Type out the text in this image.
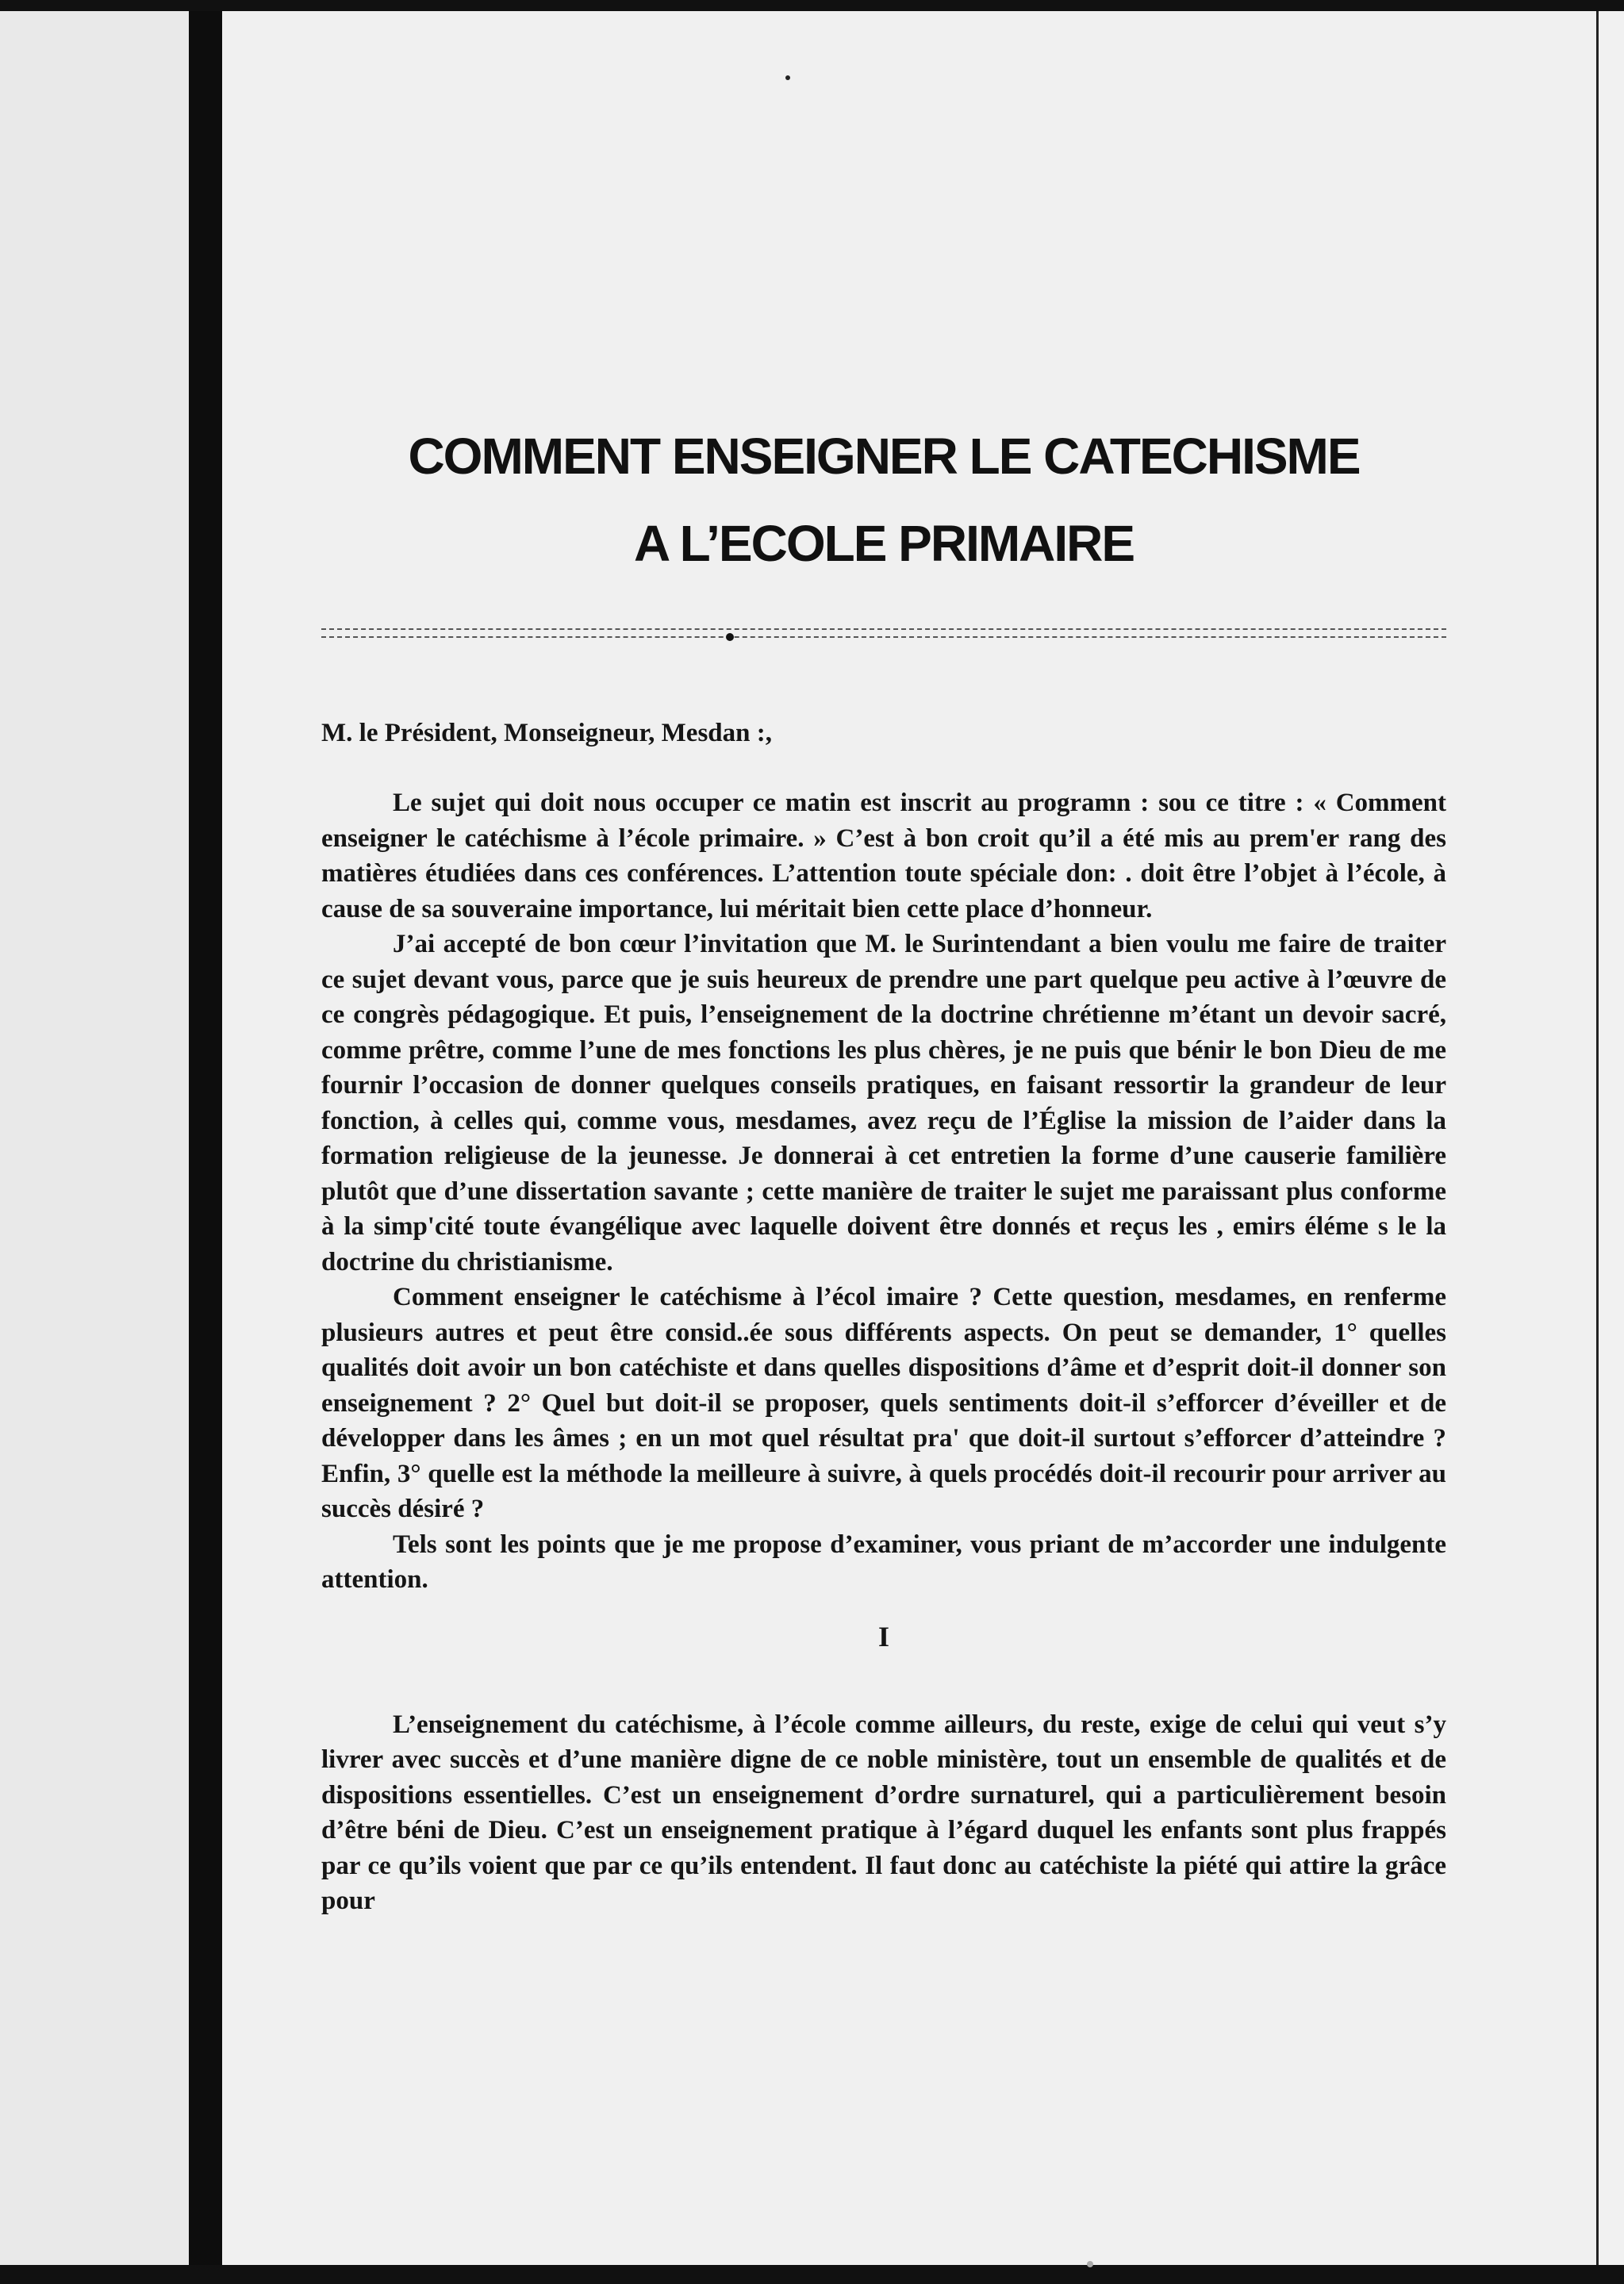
COMMENT ENSEIGNER LE CATECHISME
A L’ECOLE PRIMAIRE

M. le Président, Monseigneur, Mesdan :,

Le sujet qui doit nous occuper ce matin est inscrit au programn : sou ce titre : « Comment enseigner le catéchisme à l’école primaire. » C’est à bon croit qu’il a été mis au prem'er rang des matières étudiées dans ces conférences. L’attention toute spéciale don: . doit être l’objet à l’école, à cause de sa souveraine importance, lui méritait bien cette place d’honneur.

J’ai accepté de bon cœur l’invitation que M. le Surintendant a bien voulu me faire de traiter ce sujet devant vous, parce que je suis heureux de prendre une part quelque peu active à l’œuvre de ce congrès pédagogique. Et puis, l’enseignement de la doctrine chrétienne m’étant un devoir sacré, comme prêtre, comme l’une de mes fonctions les plus chères, je ne puis que bénir le bon Dieu de me fournir l’occasion de donner quelques conseils pratiques, en faisant ressortir la grandeur de leur fonction, à celles qui, comme vous, mesdames, avez reçu de l’Église la mission de l’aider dans la formation religieuse de la jeunesse. Je donnerai à cet entretien la forme d’une causerie familière plutôt que d’une dissertation savante ; cette manière de traiter le sujet me paraissant plus conforme à la simp'cité toute évangélique avec laquelle doivent être donnés et reçus les , emirs éléme s le la doctrine du christianisme.

Comment enseigner le catéchisme à l’écol imaire ? Cette question, mesdames, en renferme plusieurs autres et peut être consid..ée sous différents aspects. On peut se demander, 1° quelles qualités doit avoir un bon catéchiste et dans quelles dispositions d’âme et d’esprit doit-il donner son enseignement ? 2° Quel but doit-il se proposer, quels sentiments doit-il s’efforcer d’éveiller et de développer dans les âmes ; en un mot quel résultat pra' que doit-il surtout s’efforcer d’atteindre ? Enfin, 3° quelle est la méthode la meilleure à suivre, à quels procédés doit-il recourir pour arriver au succès désiré ?

Tels sont les points que je me propose d’examiner, vous priant de m’accorder une indulgente attention.

I

L’enseignement du catéchisme, à l’école comme ailleurs, du reste, exige de celui qui veut s’y livrer avec succès et d’une manière digne de ce noble ministère, tout un ensemble de qualités et de dispositions essentielles. C’est un enseignement d’ordre surnaturel, qui a particulièrement besoin d’être béni de Dieu. C’est un enseignement pratique à l’égard duquel les enfants sont plus frappés par ce qu’ils voient que par ce qu’ils entendent. Il faut donc au catéchiste la piété qui attire la grâce pour
